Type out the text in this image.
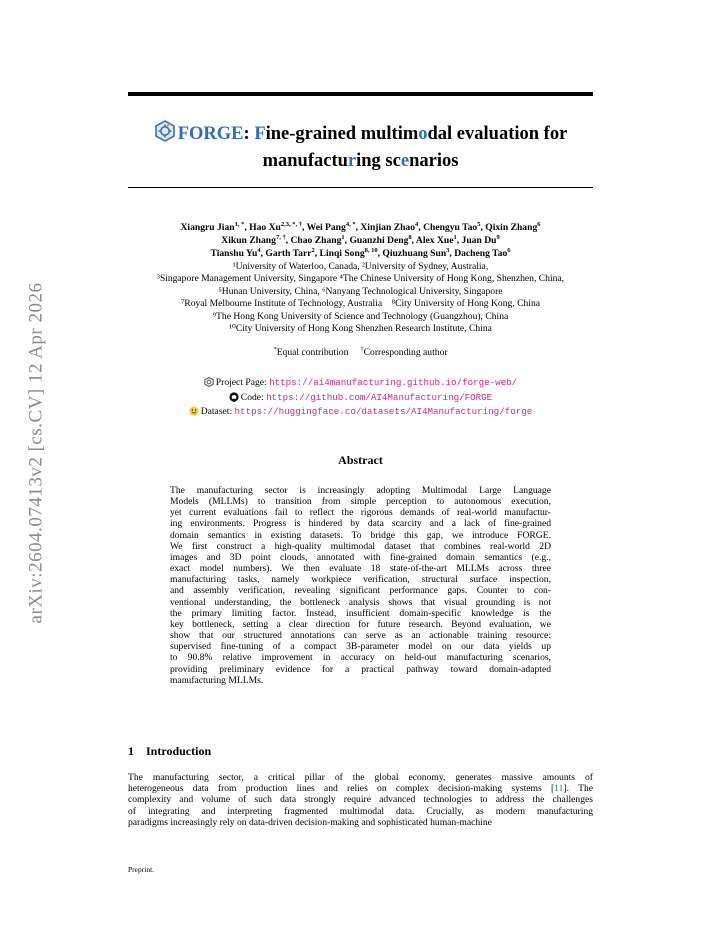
arXiv:2604.07413v2 [cs.CV] 12 Apr 2026
FORGE: Fine-grained multimodal evaluation for
manufacturing scenarios
Xiangru Jian$^{1, *}$, Hao $Xu^{2,3, *, \dagger}$, Wei Pang$^{4, *}$, Xinjian Zhao$^4$, Chengyu Tao$^5$, Qixin Zhang$^6$
Xikun Zhang$^{7, \dagger}$, Chao Zhang$^1$, Guanzhi Deng$^8$, Alex Xue$^1$, Juan Du$^9$
Tianshu Yu$^4$, Garth Tarr$^2$, Linqi Song$^{8, 10}$, Qiuzhuang Sun$^3$, Dacheng Tao$^6$
¹University of Waterloo, Canada, ²University of Sydney, Australia,
³Singapore Management University, Singapore ⁴The Chinese University of Hong Kong, Shenzhen, China,
⁵Hunan University, China, ⁶Nanyang Technological University, Singapore
⁷Royal Melbourne Institute of Technology, Australia    ⁸City University of Hong Kong, China
⁹The Hong Kong University of Science and Technology (Guangzhou), China
¹⁰City University of Hong Kong Shenzhen Research Institute, China
*Equal contribution †Corresponding author
Project Page: https://ai4manufacturing.github.io/forge-web/
Code: https://github.com/AI4Manufacturing/FORGE
Dataset: https://huggingface.co/datasets/AI4Manufacturing/forge
Abstract
The manufacturing sector is increasingly adopting Multimodal Large Language
Models (MLLMs) to transition from simple perception to autonomous execution,
yet current evaluations fail to reflect the rigorous demands of real-world manufactur-
ing environments. Progress is hindered by data scarcity and a lack of fine-grained
domain semantics in existing datasets. To bridge this gap, we introduce FORGE.
We first construct a high-quality multimodal dataset that combines real-world 2D
images and 3D point clouds, annotated with fine-grained domain semantics (e.g.,
exact model numbers). We then evaluate 18 state-of-the-art MLLMs across three
manufacturing tasks, namely workpiece verification, structural surface inspection,
and assembly verification, revealing significant performance gaps. Counter to con-
ventional understanding, the bottleneck analysis shows that visual grounding is not
the primary limiting factor. Instead, insufficient domain-specific knowledge is the
key bottleneck, setting a clear direction for future research. Beyond evaluation, we
show that our structured annotations can serve as an actionable training resource:
supervised fine-tuning of a compact 3B-parameter model on our data yields up
to 90.8% relative improvement in accuracy on held-out manufacturing scenarios,
providing preliminary evidence for a practical pathway toward domain-adapted
manufacturing MLLMs.
1 Introduction
The manufacturing sector, a critical pillar of the global economy, generates massive amounts of
heterogeneous data from production lines and relies on complex decision-making systems [11]. The
complexity and volume of such data strongly require advanced technologies to address the challenges
of integrating and interpreting fragmented multimodal data. Crucially, as modern manufacturing
paradigms increasingly rely on data-driven decision-making and sophisticated human-machine
Preprint.
